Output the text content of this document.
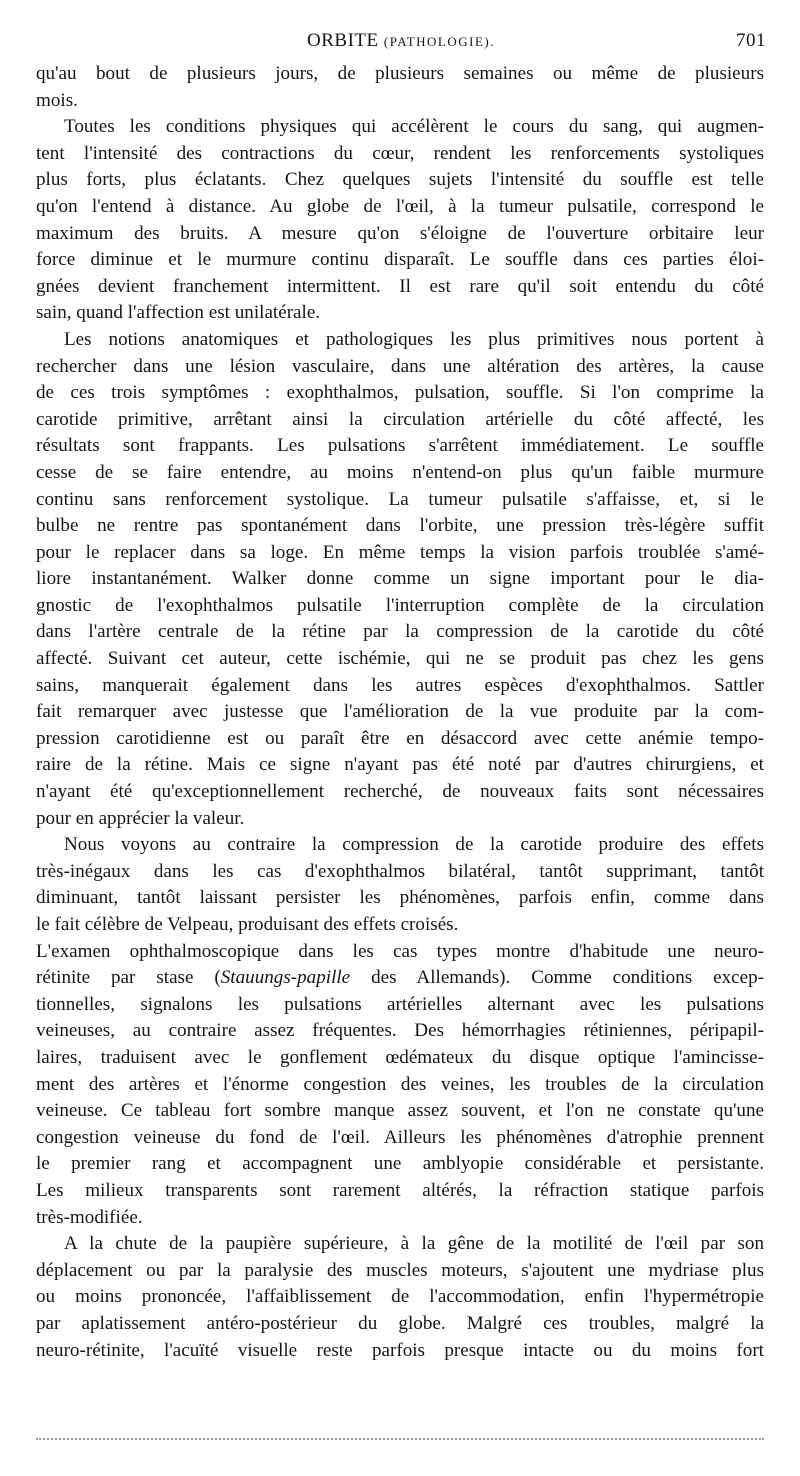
ORBITE (PATHOLOGIE).	701
qu'au bout de plusieurs jours, de plusieurs semaines ou même de plusieurs
mois.
Toutes les conditions physiques qui accélèrent le cours du sang, qui augmen-
tent l'intensité des contractions du cœur, rendent les renforcements systoliques
plus forts, plus éclatants. Chez quelques sujets l'intensité du souffle est telle
qu'on l'entend à distance. Au globe de l'œil, à la tumeur pulsatile, correspond le
maximum des bruits. A mesure qu'on s'éloigne de l'ouverture orbitaire leur
force diminue et le murmure continu disparaît. Le souffle dans ces parties éloi-
gnées devient franchement intermittent. Il est rare qu'il soit entendu du côté
sain, quand l'affection est unilatérale.
Les notions anatomiques et pathologiques les plus primitives nous portent à
rechercher dans une lésion vasculaire, dans une altération des artères, la cause
de ces trois symptômes : exophthalmos, pulsation, souffle. Si l'on comprime la
carotide primitive, arrêtant ainsi la circulation artérielle du côté affecté, les
résultats sont frappants. Les pulsations s'arrêtent immédiatement. Le souffle
cesse de se faire entendre, au moins n'entend-on plus qu'un faible murmure
continu sans renforcement systolique. La tumeur pulsatile s'affaisse, et, si le
bulbe ne rentre pas spontanément dans l'orbite, une pression très-légère suffit
pour le replacer dans sa loge. En même temps la vision parfois troublée s'amé-
liore instantanément. Walker donne comme un signe important pour le dia-
gnostic de l'exophthalmos pulsatile l'interruption complète de la circulation
dans l'artère centrale de la rétine par la compression de la carotide du côté
affecté. Suivant cet auteur, cette ischémie, qui ne se produit pas chez les gens
sains, manquerait également dans les autres espèces d'exophthalmos. Sattler
fait remarquer avec justesse que l'amélioration de la vue produite par la com-
pression carotidienne est ou paraît être en désaccord avec cette anémie tempo-
raire de la rétine. Mais ce signe n'ayant pas été noté par d'autres chirurgiens, et
n'ayant été qu'exceptionnellement recherché, de nouveaux faits sont nécessaires
pour en apprécier la valeur.
Nous voyons au contraire la compression de la carotide produire des effets
très-inégaux dans les cas d'exophthalmos bilatéral, tantôt supprimant, tantôt
diminuant, tantôt laissant persister les phénomènes, parfois enfin, comme dans
le fait célèbre de Velpeau, produisant des effets croisés.
L'examen ophthalmoscopique dans les cas types montre d'habitude une neuro-
rétinite par stase (Stauungs-papille des Allemands). Comme conditions excep-
tionnelles, signalons les pulsations artérielles alternant avec les pulsations
veineuses, au contraire assez fréquentes. Des hémorrhagies rétiniennes, péripapil-
laires, traduisent avec le gonflement œdémateux du disque optique l'amincisse-
ment des artères et l'énorme congestion des veines, les troubles de la circulation
veineuse. Ce tableau fort sombre manque assez souvent, et l'on ne constate qu'une
congestion veineuse du fond de l'œil. Ailleurs les phénomènes d'atrophie prennent
le premier rang et accompagnent une amblyopie considérable et persistante.
Les milieux transparents sont rarement altérés, la réfraction statique parfois
très-modifiée.
A la chute de la paupière supérieure, à la gêne de la motilité de l'œil par son
déplacement ou par la paralysie des muscles moteurs, s'ajoutent une mydriase plus
ou moins prononcée, l'affaiblissement de l'accommodation, enfin l'hypermétropie
par aplatissement antéro-postérieur du globe. Malgré ces troubles, malgré la
neuro-rétinite, l'acuïté visuelle reste parfois presque intacte ou du moins fort
